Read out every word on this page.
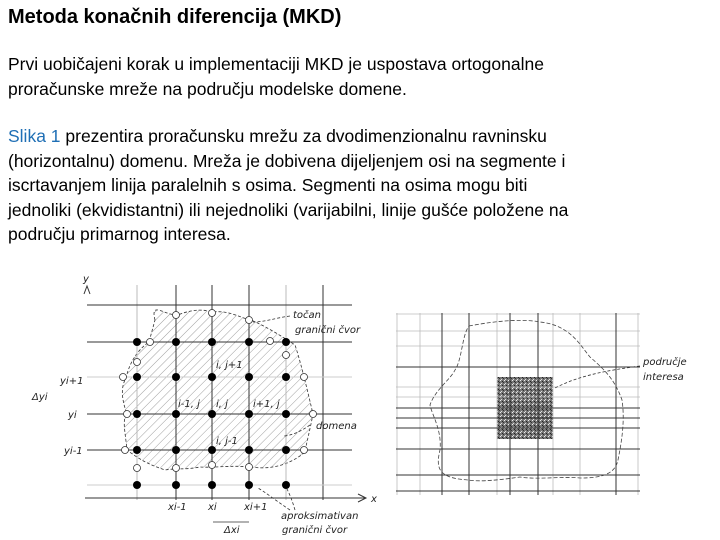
Metoda konačnih diferencija (MKD)
Prvi uobičajeni korak u implementaciji MKD je uspostava ortogonalne
proračunske mreže na području modelske domene.
Slika 1 prezentira proračunsku mrežu za dvodimenzionalnu ravninsku
(horizontalnu) domenu. Mreža je dobivena dijeljenjem osi na segmente i
iscrtavanjem linija paralelnih s osima. Segmenti na osima mogu biti
jednoliki (ekvidistantni) ili nejednoliki (varijabilni, linije gušće položene na
području primarnog interesa.
y
x
točan
granični čvor
domena
aproksimativan
granični čvor
i, j+1
i-1, j i, j	i+1, j
i, j-1
yi+1
yi
yi-1
Δyi
xi-1 xi	xi+1
Δxi
područje
interesa
